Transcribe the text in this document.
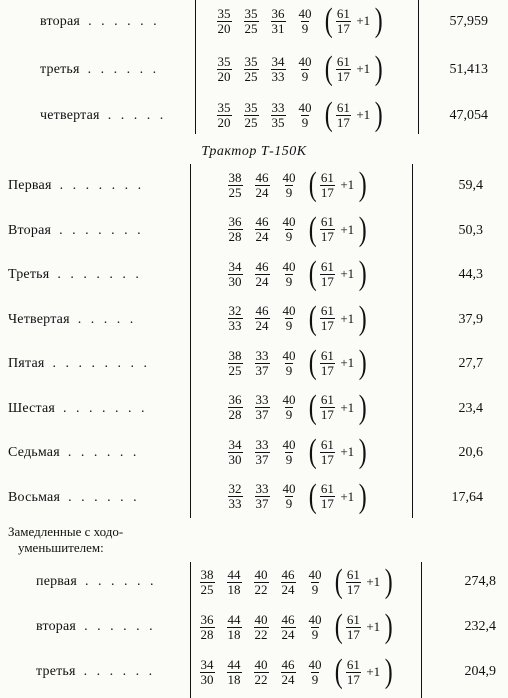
вторая . . . . . .	$\frac{35}{20} \frac{35}{25} \frac{36}{31} \frac{40}{9}$ ( $\frac{61}{17} +1$ )	57,959
третья . . . . . .	$\frac{35}{20} \frac{35}{25} \frac{34}{33} \frac{40}{9}$ ( $\frac{61}{17} +1$ )	51,413
четвертая . . . . .	$\frac{35}{20} \frac{35}{25} \frac{33}{35} \frac{40}{9}$ ( $\frac{61}{17} +1$ )	47,054
Трактор Т-150К
Первая . . . . . . .	$\frac{38}{25} \frac{46}{24} \frac{40}{9}$ ( $\frac{61}{17} +1$ )	59,4
Вторая . . . . . . .	$\frac{36}{28} \frac{46}{24} \frac{40}{9}$ ( $\frac{61}{17} +1$ )	50,3
Третья . . . . . . .	$\frac{34}{30} \frac{46}{24} \frac{40}{9}$ ( $\frac{61}{17} +1$ )	44,3
Четвертая . . . . .	$\frac{32}{33} \frac{46}{24} \frac{40}{9}$ ( $\frac{61}{17} +1$ )	37,9
Пятая . . . . . . . .	$\frac{38}{25} \frac{33}{37} \frac{40}{9}$ ( $\frac{61}{17} +1$ )	27,7
Шестая . . . . . . .	$\frac{36}{28} \frac{33}{37} \frac{40}{9}$ ( $\frac{61}{17} +1$ )	23,4
Седьмая . . . . . .	$\frac{34}{30} \frac{33}{37} \frac{40}{9}$ ( $\frac{61}{17} +1$ )	20,6
Восьмая . . . . . .	$\frac{32}{33} \frac{33}{37} \frac{40}{9}$ ( $\frac{61}{17} +1$ )	17,64
Замедленные с ходо-
уменьшителем:
первая . . . . . .	$\frac{38}{25} \frac{44}{18} \frac{40}{22} \frac{46}{24} \frac{40}{9}$ ( $\frac{61}{17} +1$ )	274,8
вторая . . . . . .	$\frac{36}{28} \frac{44}{18} \frac{40}{22} \frac{46}{24} \frac{40}{9}$ ( $\frac{61}{17} +1$ )	232,4
третья . . . . . .	$\frac{34}{30} \frac{44}{18} \frac{40}{22} \frac{46}{24} \frac{40}{9}$ ( $\frac{61}{17} +1$ )	204,9
